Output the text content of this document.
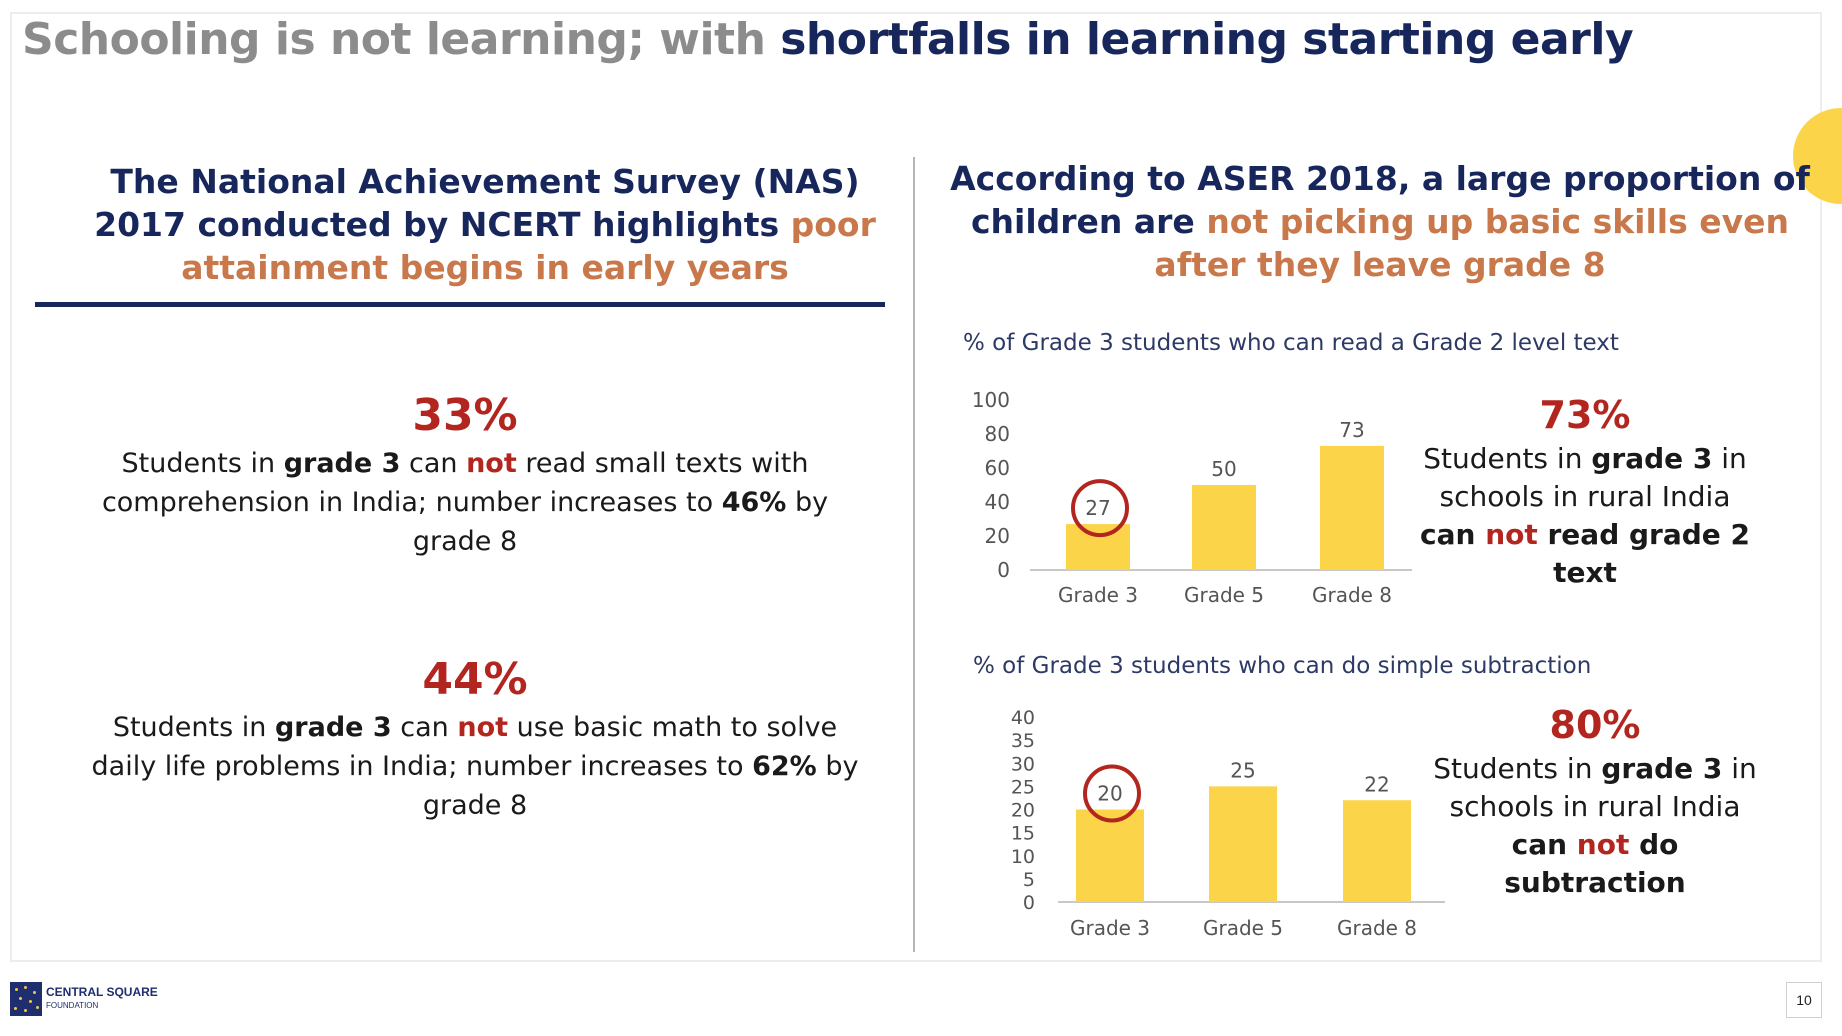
Schooling is not learning; with shortfalls in learning starting early
The National Achievement Survey (NAS) 2017 conducted by NCERT highlights poor attainment begins in early years
33%
Students in grade 3 can not read small texts with comprehension in India; number increases to 46% by grade 8
44%
Students in grade 3 can not use basic math to solve daily life problems in India; number increases to 62% by grade 8
According to ASER 2018, a large proportion of children are not picking up basic skills even after they leave grade 8
% of Grade 3 students who can read a Grade 2 level text
% of Grade 3 students who can do simple subtraction
0
20
40
60
80
100
27
Grade 3
50
Grade 5
73
Grade 8
0
5
10
15
20
25
30
35
40
20
Grade 3
25
Grade 5
22
Grade 8
73%
Students in grade 3 in schools in rural India can not read grade 2 text
80%
Students in grade 3 in schools in rural India can not do subtraction
CENTRAL SQUARE
FOUNDATION	10
